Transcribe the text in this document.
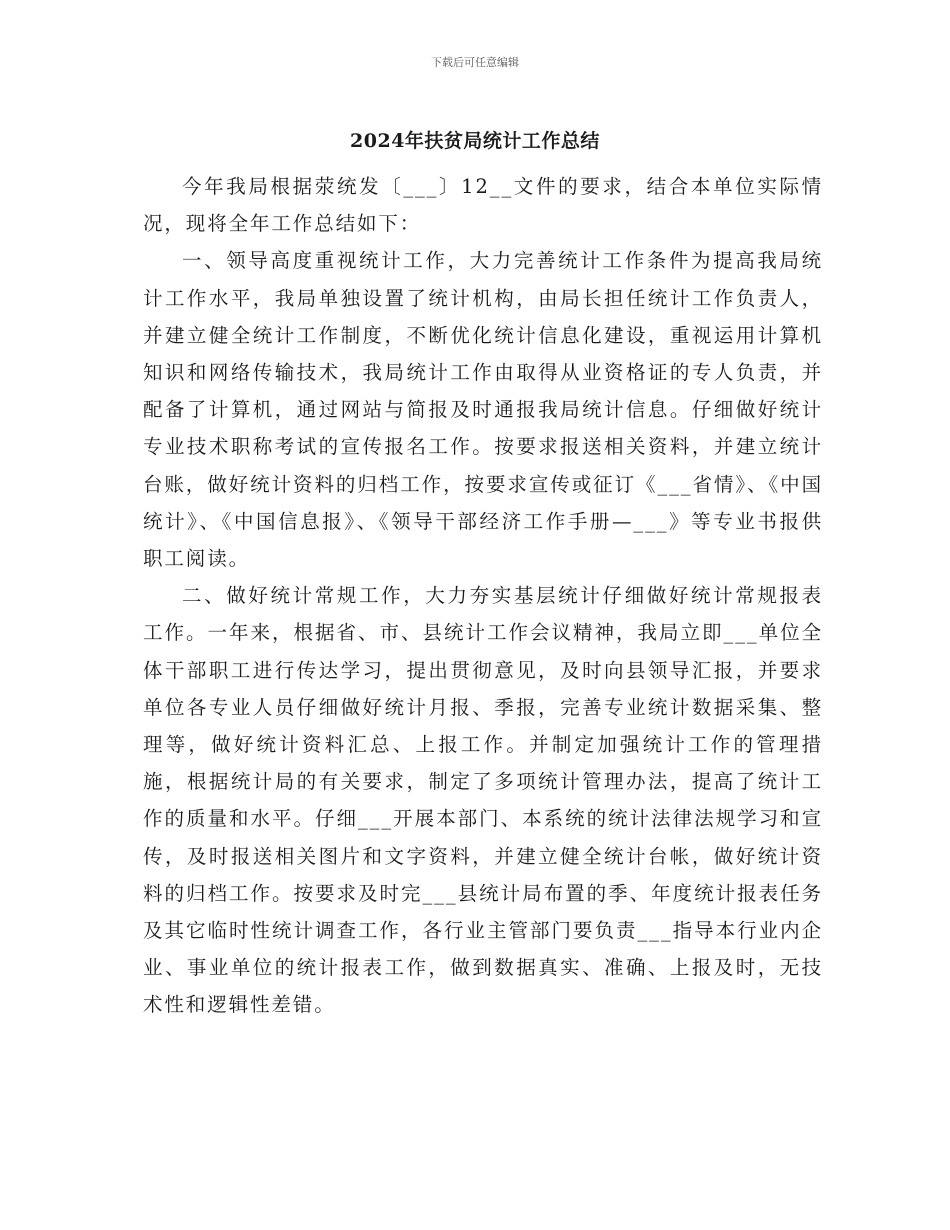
下载后可任意编辑
2024年扶贫局统计工作总结

今年我局根据荥统发〔___〕12__文件的要求，结合本单位实际情况，现将全年工作总结如下：

一、领导高度重视统计工作，大力完善统计工作条件为提高我局统计工作水平，我局单独设置了统计机构，由局长担任统计工作负责人，并建立健全统计工作制度，不断优化统计信息化建设，重视运用计算机知识和网络传输技术，我局统计工作由取得从业资格证的专人负责，并配备了计算机，通过网站与简报及时通报我局统计信息。仔细做好统计专业技术职称考试的宣传报名工作。按要求报送相关资料，并建立统计台账，做好统计资料的归档工作，按要求宣传或征订《___省情》、《中国统计》、《中国信息报》、《领导干部经济工作手册—___》等专业书报供职工阅读。

二、做好统计常规工作，大力夯实基层统计仔细做好统计常规报表工作。一年来，根据省、市、县统计工作会议精神，我局立即___单位全体干部职工进行传达学习，提出贯彻意见，及时向县领导汇报，并要求单位各专业人员仔细做好统计月报、季报，完善专业统计数据采集、整理等，做好统计资料汇总、上报工作。并制定加强统计工作的管理措施，根据统计局的有关要求，制定了多项统计管理办法，提高了统计工作的质量和水平。仔细___开展本部门、本系统的统计法律法规学习和宣传，及时报送相关图片和文字资料，并建立健全统计台帐，做好统计资料的归档工作。按要求及时完___县统计局布置的季、年度统计报表任务及其它临时性统计调查工作，各行业主管部门要负责___指导本行业内企业、事业单位的统计报表工作，做到数据真实、准确、上报及时，无技术性和逻辑性差错。
